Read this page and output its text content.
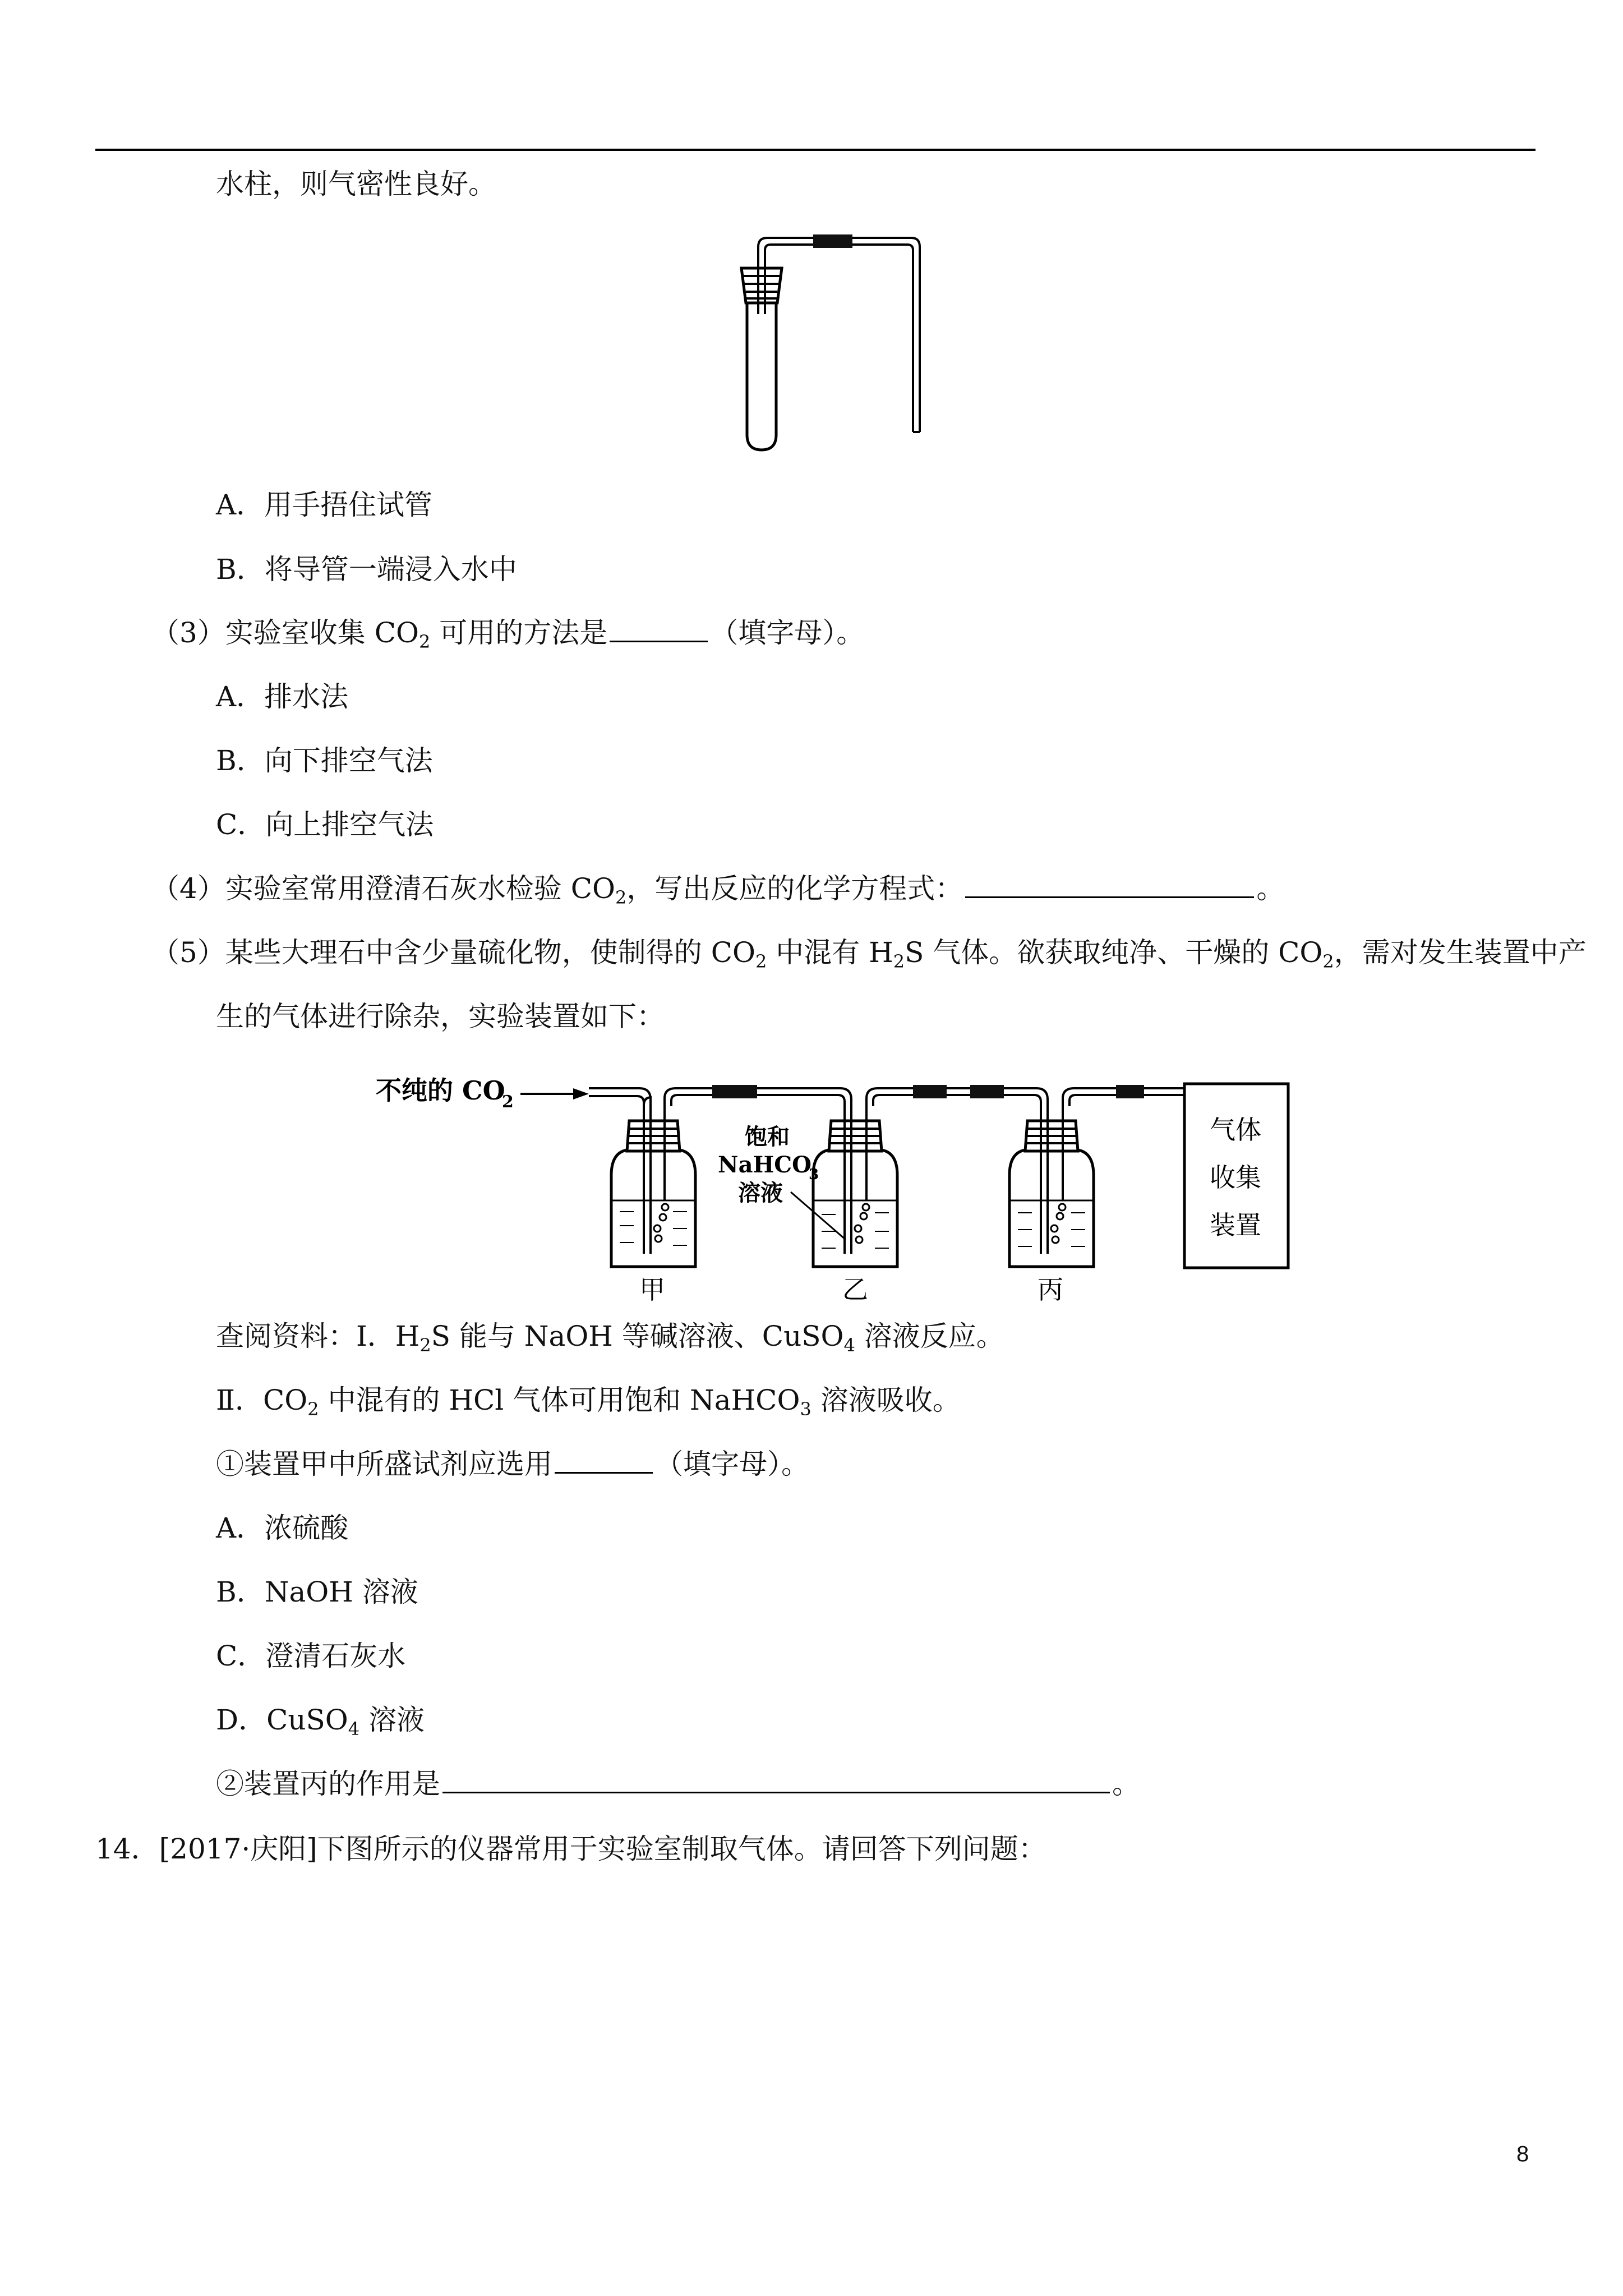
水柱，则气密性良好。
A．用手捂住试管
B．将导管一端浸入水中
（3）实验室收集 $CO_2$ 可用的方法是	（填字母）。
A．排水法
B．向下排空气法
C．向上排空气法
（4）实验室常用澄清石灰水检验 $CO_2$，写出反应的化学方程式：	。
（5）某些大理石中含少量硫化物，使制得的 $CO_2$ 中混有 $H_2S$ 气体。欲获取纯净、干燥的 $CO_2$，需对发生装置中产
生的气体进行除杂，实验装置如下：
不纯的 CO
2
甲	乙
饱和
NaHCO
3
溶液
丙
气体
收集
装置
查阅资料：Ⅰ．$H_2S$ 能与 NaOH 等碱溶液、CuSO$_4$ 溶液反应。
Ⅱ．$CO_2$ 中混有的 HCl 气体可用饱和 NaHCO$_3$ 溶液吸收。
①装置甲中所盛试剂应选用	（填字母）。
A．浓硫酸
B．NaOH 溶液
C．澄清石灰水
D．CuSO$_4$ 溶液
②装置丙的作用是	。
14．[2017·庆阳]下图所示的仪器常用于实验室制取气体。请回答下列问题：
8
